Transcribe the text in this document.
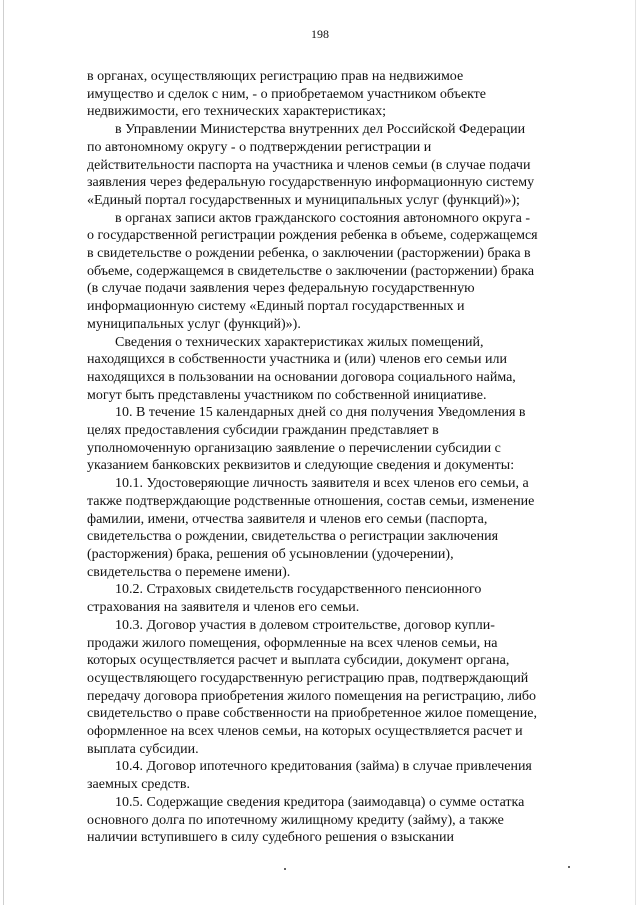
198

в органах, осуществляющих регистрацию прав на недвижимое
имущество и сделок с ним, - о приобретаемом участником объекте
недвижимости, его технических характеристиках;

в Управлении Министерства внутренних дел Российской Федерации
по автономному округу - о подтверждении регистрации и
действительности паспорта на участника и членов семьи (в случае подачи
заявления через федеральную государственную информационную систему
«Единый портал государственных и муниципальных услуг (функций)»);

в органах записи актов гражданского состояния автономного округа -
о государственной регистрации рождения ребенка в объеме, содержащемся
в свидетельстве о рождении ребенка, о заключении (расторжении) брака в
объеме, содержащемся в свидетельстве о заключении (расторжении) брака
(в случае подачи заявления через федеральную государственную
информационную систему «Единый портал государственных и
муниципальных услуг (функций)»).

Сведения о технических характеристиках жилых помещений,
находящихся в собственности участника и (или) членов его семьи или
находящихся в пользовании на основании договора социального найма,
могут быть представлены участником по собственной инициативе.

10. В течение 15 календарных дней со дня получения Уведомления в
целях предоставления субсидии гражданин представляет в
уполномоченную организацию заявление о перечислении субсидии с
указанием банковских реквизитов и следующие сведения и документы:

10.1. Удостоверяющие личность заявителя и всех членов его семьи, а
также подтверждающие родственные отношения, состав семьи, изменение
фамилии, имени, отчества заявителя и членов его семьи (паспорта,
свидетельства о рождении, свидетельства о регистрации заключения
(расторжения) брака, решения об усыновлении (удочерении),
свидетельства о перемене имени).

10.2. Страховых свидетельств государственного пенсионного
страхования на заявителя и членов его семьи.

10.3. Договор участия в долевом строительстве, договор купли-
продажи жилого помещения, оформленные на всех членов семьи, на
которых осуществляется расчет и выплата субсидии, документ органа,
осуществляющего государственную регистрацию прав, подтверждающий
передачу договора приобретения жилого помещения на регистрацию, либо
свидетельство о праве собственности на приобретенное жилое помещение,
оформленное на всех членов семьи, на которых осуществляется расчет и
выплата субсидии.

10.4. Договор ипотечного кредитования (займа) в случае привлечения
заемных средств.

10.5. Содержащие сведения кредитора (заимодавца) о сумме остатка
основного долга по ипотечному жилищному кредиту (займу), а также
наличии вступившего в силу судебного решения о взыскании
